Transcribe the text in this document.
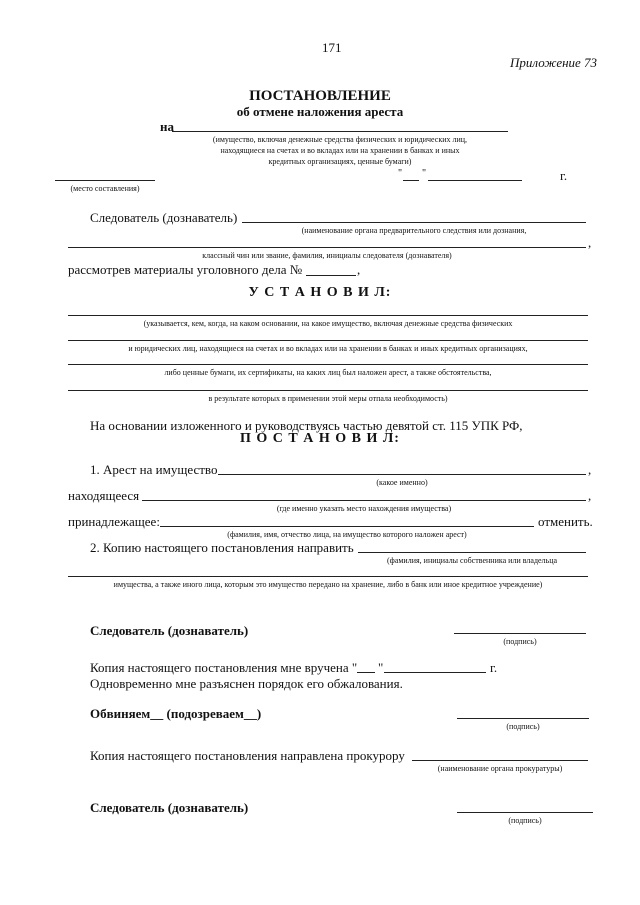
171
Приложение 73
ПОСТАНОВЛЕНИЕ
об отмене наложения ареста
на
(имущество, включая денежные средства физических и юридических лиц,
находящиеся на счетах и во вкладах или на хранении в банках и иных
кредитных организациях, ценные бумаги)
(место составления)
" "	г.
Следователь (дознаватель)
(наименование органа предварительного следствия или дознания,
,
классный чин или звание, фамилия, инициалы следователя (дознавателя)
рассмотрев материалы уголовного дела №	,
У С Т А Н О В И Л:
(указывается, кем, когда, на каком основании, на какое имущество, включая денежные средства физических
и юридических лиц, находящиеся на счетах и во вкладах или на хранении в банках и иных кредитных организациях,
либо ценные бумаги, их сертификаты, на каких лиц был наложен арест, а также обстоятельства,
в результате которых в применении этой меры отпала необходимость)
На основании изложенного и руководствуясь частью девятой ст. 115 УПК РФ,
П О С Т А Н О В И Л:
1. Арест на имущество	,
(какое именно)
находящееся	,
(где именно указать место нахождения имущества)
принадлежащее:	отменить.
(фамилия, имя, отчество лица, на имущество которого наложен арест)
2. Копию настоящего постановления направить
(фамилия, инициалы собственника или владельца
имущества, а также иного лица, которым это имущество передано на хранение, либо в банк или иное кредитное учреждение)
Следователь (дознаватель)
(подпись)
Копия настоящего постановления мне вручена " "	г.
Одновременно мне разъяснен порядок его обжалования.
Обвиняем__ (подозреваем__)
(подпись)
Копия настоящего постановления направлена прокурору
(наименование органа прокуратуры)
Следователь (дознаватель)
(подпись)
